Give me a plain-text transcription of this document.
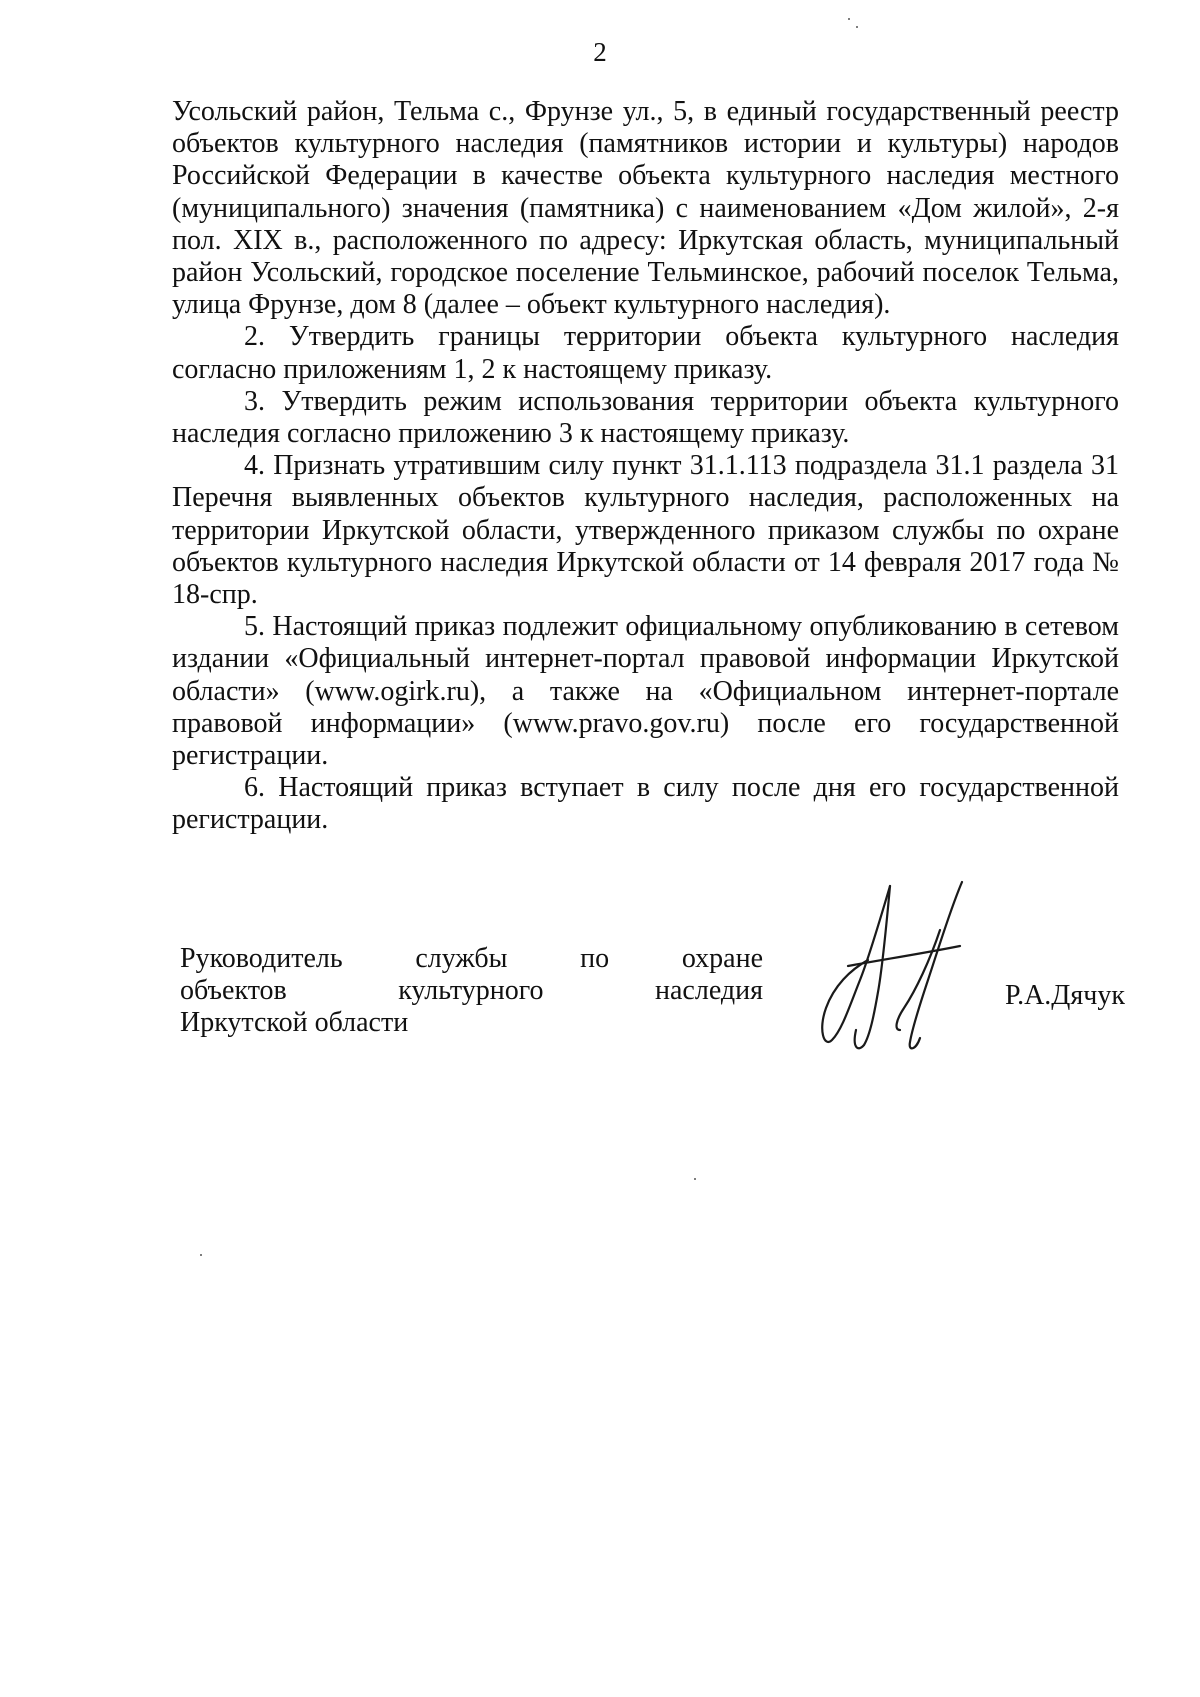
2

Усольский район, Тельма с., Фрунзе ул., 5, в единый государственный реестр объектов культурного наследия (памятников истории и культуры) народов Российской Федерации в качестве объекта культурного наследия местного (муниципального) значения (памятника) с наименованием «Дом жилой», 2-я пол. XIX в., расположенного по адресу: Иркутская область, муниципальный район Усольский, городское поселение Тельминское, рабочий поселок Тельма, улица Фрунзе, дом 8 (далее – объект культурного наследия).

2. Утвердить границы территории объекта культурного наследия согласно приложениям 1, 2 к настоящему приказу.

3. Утвердить режим использования территории объекта культурного наследия согласно приложению 3 к настоящему приказу.

4. Признать утратившим силу пункт 31.1.113 подраздела 31.1 раздела 31 Перечня выявленных объектов культурного наследия, расположенных на территории Иркутской области, утвержденного приказом службы по охране объектов культурного наследия Иркутской области от 14 февраля 2017 года № 18-спр.

5. Настоящий приказ подлежит официальному опубликованию в сетевом издании «Официальный интернет-портал правовой информации Иркутской области» (www.ogirk.ru), а также на «Официальном интернет-портале правовой информации» (www.pravo.gov.ru) после его государственной регистрации.

6. Настоящий приказ вступает в силу после дня его государственной регистрации.

Руководитель службы по охране
объектов культурного наследия
Иркутской области
Р.А.Дячук
